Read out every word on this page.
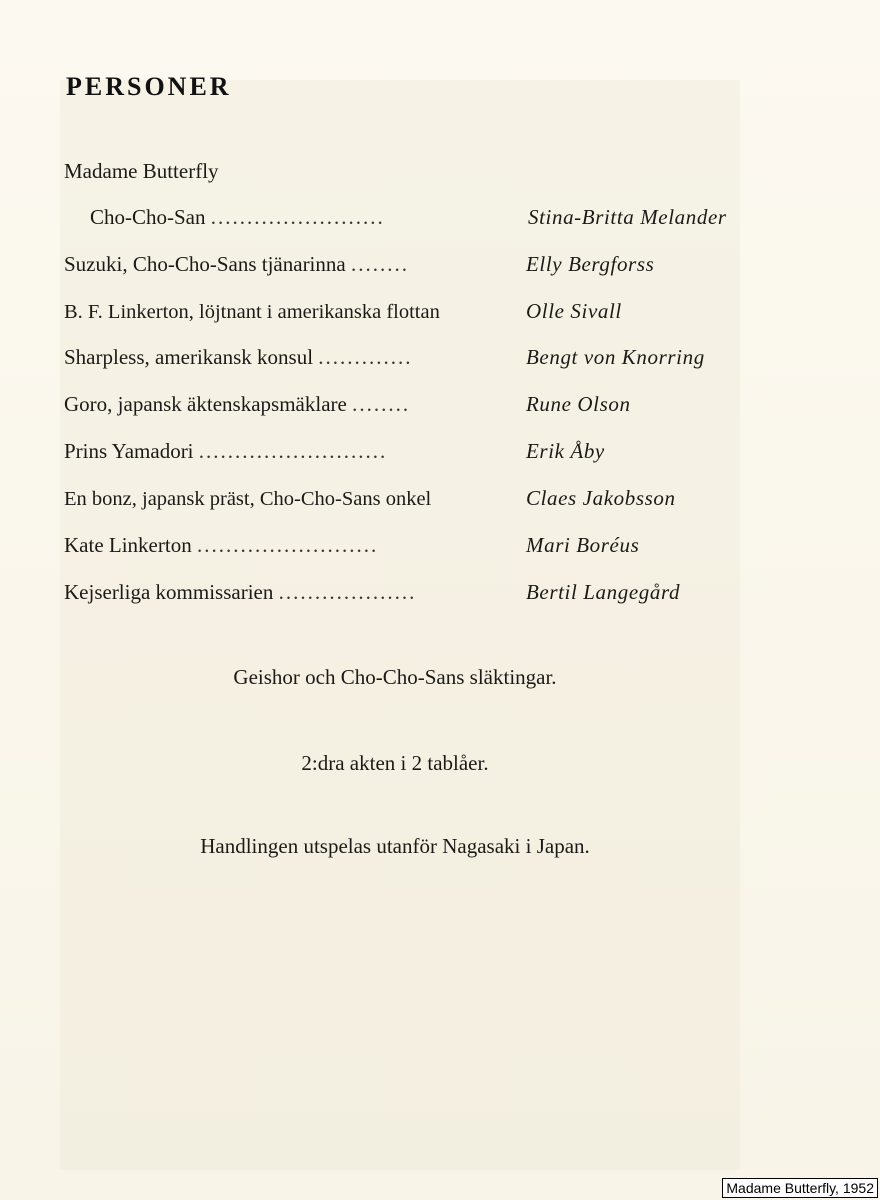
PERSONER
Madame Butterfly
Cho-Cho-San ........................	Stina-Britta Melander
Suzuki, Cho-Cho-Sans tjänarinna ........	Elly Bergforss
B. F. Linkerton, löjtnant i amerikanska flottan	Olle Sivall
Sharpless, amerikansk konsul .............	Bengt von Knorring
Goro, japansk äktenskapsmäklare ........	Rune Olson
Prins Yamadori ..........................	Erik Åby
En bonz, japansk präst, Cho-Cho-Sans onkel	Claes Jakobsson
Kate Linkerton .........................	Mari Boréus
Kejserliga kommissarien ...................	Bertil Langegård
Geishor och Cho-Cho-Sans släktingar.
2:dra akten i 2 tablåer.
Handlingen utspelas utanför Nagasaki i Japan.
Madame Butterfly, 1952
